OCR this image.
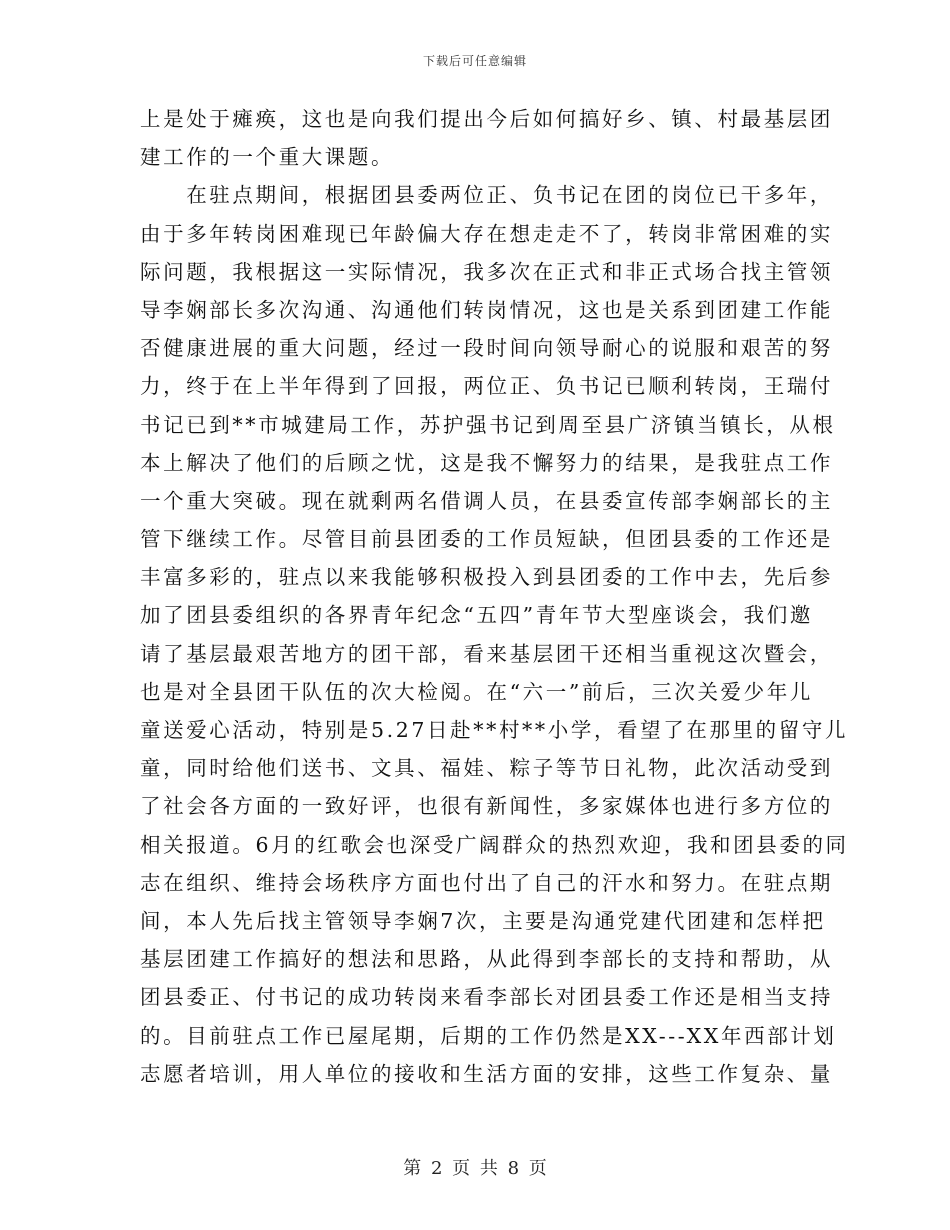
下载后可任意编辑
上是处于瘫痪，这也是向我们提出今后如何搞好乡、镇、村最基层团
建工作的一个重大课题。
　　在驻点期间，根据团县委两位正、负书记在团的岗位已干多年，
由于多年转岗困难现已年龄偏大存在想走走不了，转岗非常困难的实
际问题，我根据这一实际情况，我多次在正式和非正式场合找主管领
导李娴部长多次沟通、沟通他们转岗情况，这也是关系到团建工作能
否健康进展的重大问题，经过一段时间向领导耐心的说服和艰苦的努
力，终于在上半年得到了回报，两位正、负书记已顺利转岗，王瑞付
书记已到**市城建局工作，苏护强书记到周至县广济镇当镇长，从根
本上解决了他们的后顾之忧，这是我不懈努力的结果，是我驻点工作
一个重大突破。现在就剩两名借调人员，在县委宣传部李娴部长的主
管下继续工作。尽管目前县团委的工作员短缺，但团县委的工作还是
丰富多彩的，驻点以来我能够积极投入到县团委的工作中去，先后参
加了团县委组织的各界青年纪念“五四”青年节大型座谈会，我们邀
请了基层最艰苦地方的团干部，看来基层团干还相当重视这次暨会，
也是对全县团干队伍的次大检阅。在“六一”前后，三次关爱少年儿
童送爱心活动，特别是5.27日赴**村**小学，看望了在那里的留守儿
童，同时给他们送书、文具、福娃、粽子等节日礼物，此次活动受到
了社会各方面的一致好评，也很有新闻性，多家媒体也进行多方位的
相关报道。6月的红歌会也深受广阔群众的热烈欢迎，我和团县委的同
志在组织、维持会场秩序方面也付出了自己的汗水和努力。在驻点期
间，本人先后找主管领导李娴7次，主要是沟通党建代团建和怎样把
基层团建工作搞好的想法和思路，从此得到李部长的支持和帮助，从
团县委正、付书记的成功转岗来看李部长对团县委工作还是相当支持
的。目前驻点工作已屋尾期，后期的工作仍然是XX---XX年西部计划
志愿者培训，用人单位的接收和生活方面的安排，这些工作复杂、量
第 2 页 共 8 页
